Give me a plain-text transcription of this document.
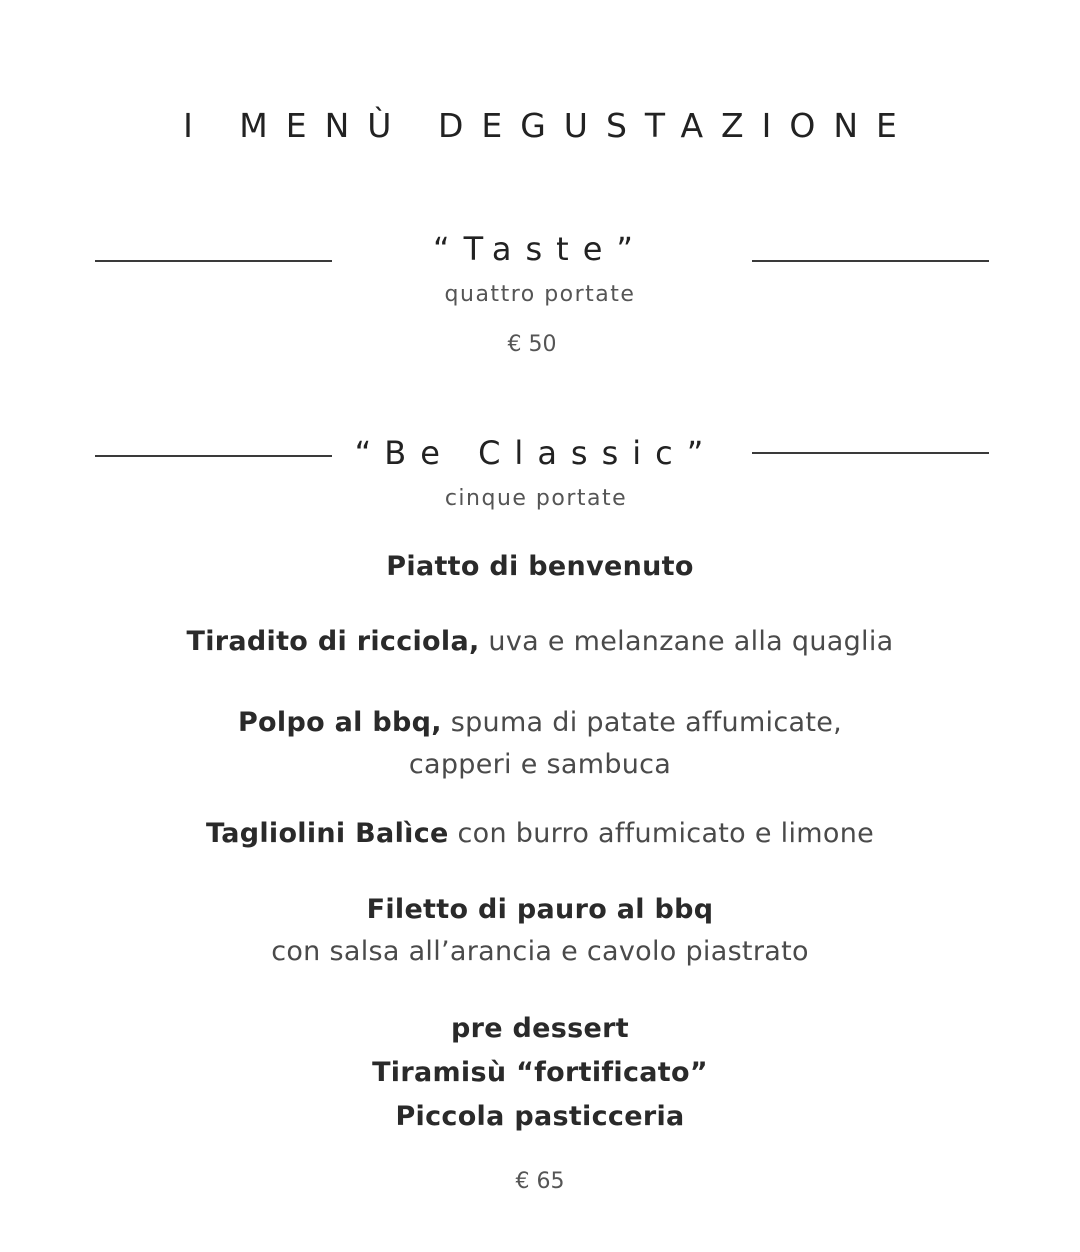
I MENÙ DEGUSTAZIONE
“Taste”
quattro portate
€ 50
“Be Classic”
cinque portate
Piatto di benvenuto
Tiradito di ricciola, uva e melanzane alla quaglia
Polpo al bbq, spuma di patate affumicate,
capperi e sambuca
Tagliolini Balìce con burro affumicato e limone
Filetto di pauro al bbq
con salsa all’arancia e cavolo piastrato
pre dessert
Tiramisù “fortificato”
Piccola pasticceria
€ 65
